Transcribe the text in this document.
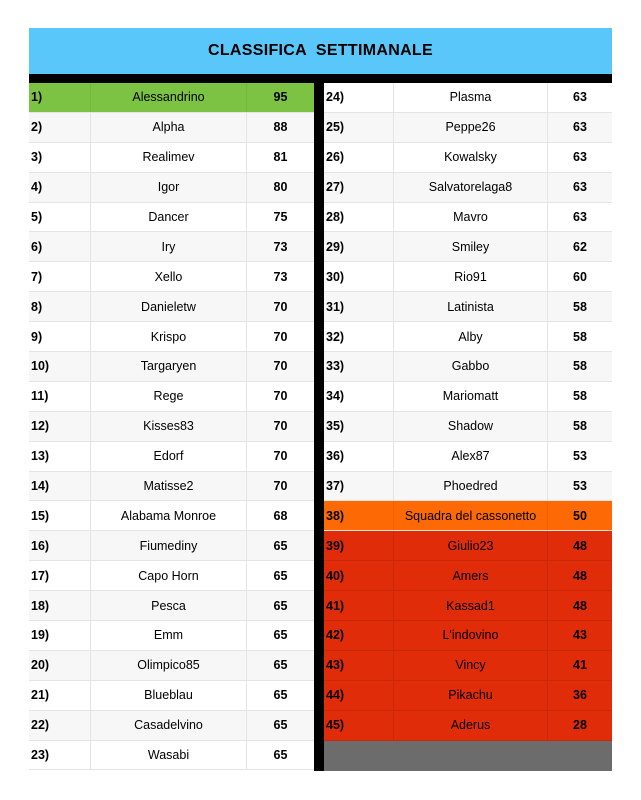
CLASSIFICA  SETTIMANALE
1)	Alessandrino	95
2)	Alpha	88
3)	Realimev	81
4)	Igor	80
5)	Dancer	75
6)	Iry	73
7)	Xello	73
8)	Danieletw	70
9)	Krispo	70
10)	Targaryen	70
11)	Rege	70
12)	Kisses83	70
13)	Edorf	70
14)	Matisse2	70
15)	Alabama Monroe	68
16)	Fiumediny	65
17)	Capo Horn	65
18)	Pesca	65
19)	Emm	65
20)	Olimpico85	65
21)	Blueblau	65
22)	Casadelvino	65
23)	Wasabi	65
24)	Plasma	63
25)	Peppe26	63
26)	Kowalsky	63
27)	Salvatorelaga8	63
28)	Mavro	63
29)	Smiley	62
30)	Rio91	60
31)	Latinista	58
32)	Alby	58
33)	Gabbo	58
34)	Mariomatt	58
35)	Shadow	58
36)	Alex87	53
37)	Phoedred	53
38)	Squadra del cassonetto	50
39)	Giulio23	48
40)	Amers	48
41)	Kassad1	48
42)	L'indovino	43
43)	Vincy	41
44)	Pikachu	36
45)	Aderus	28
